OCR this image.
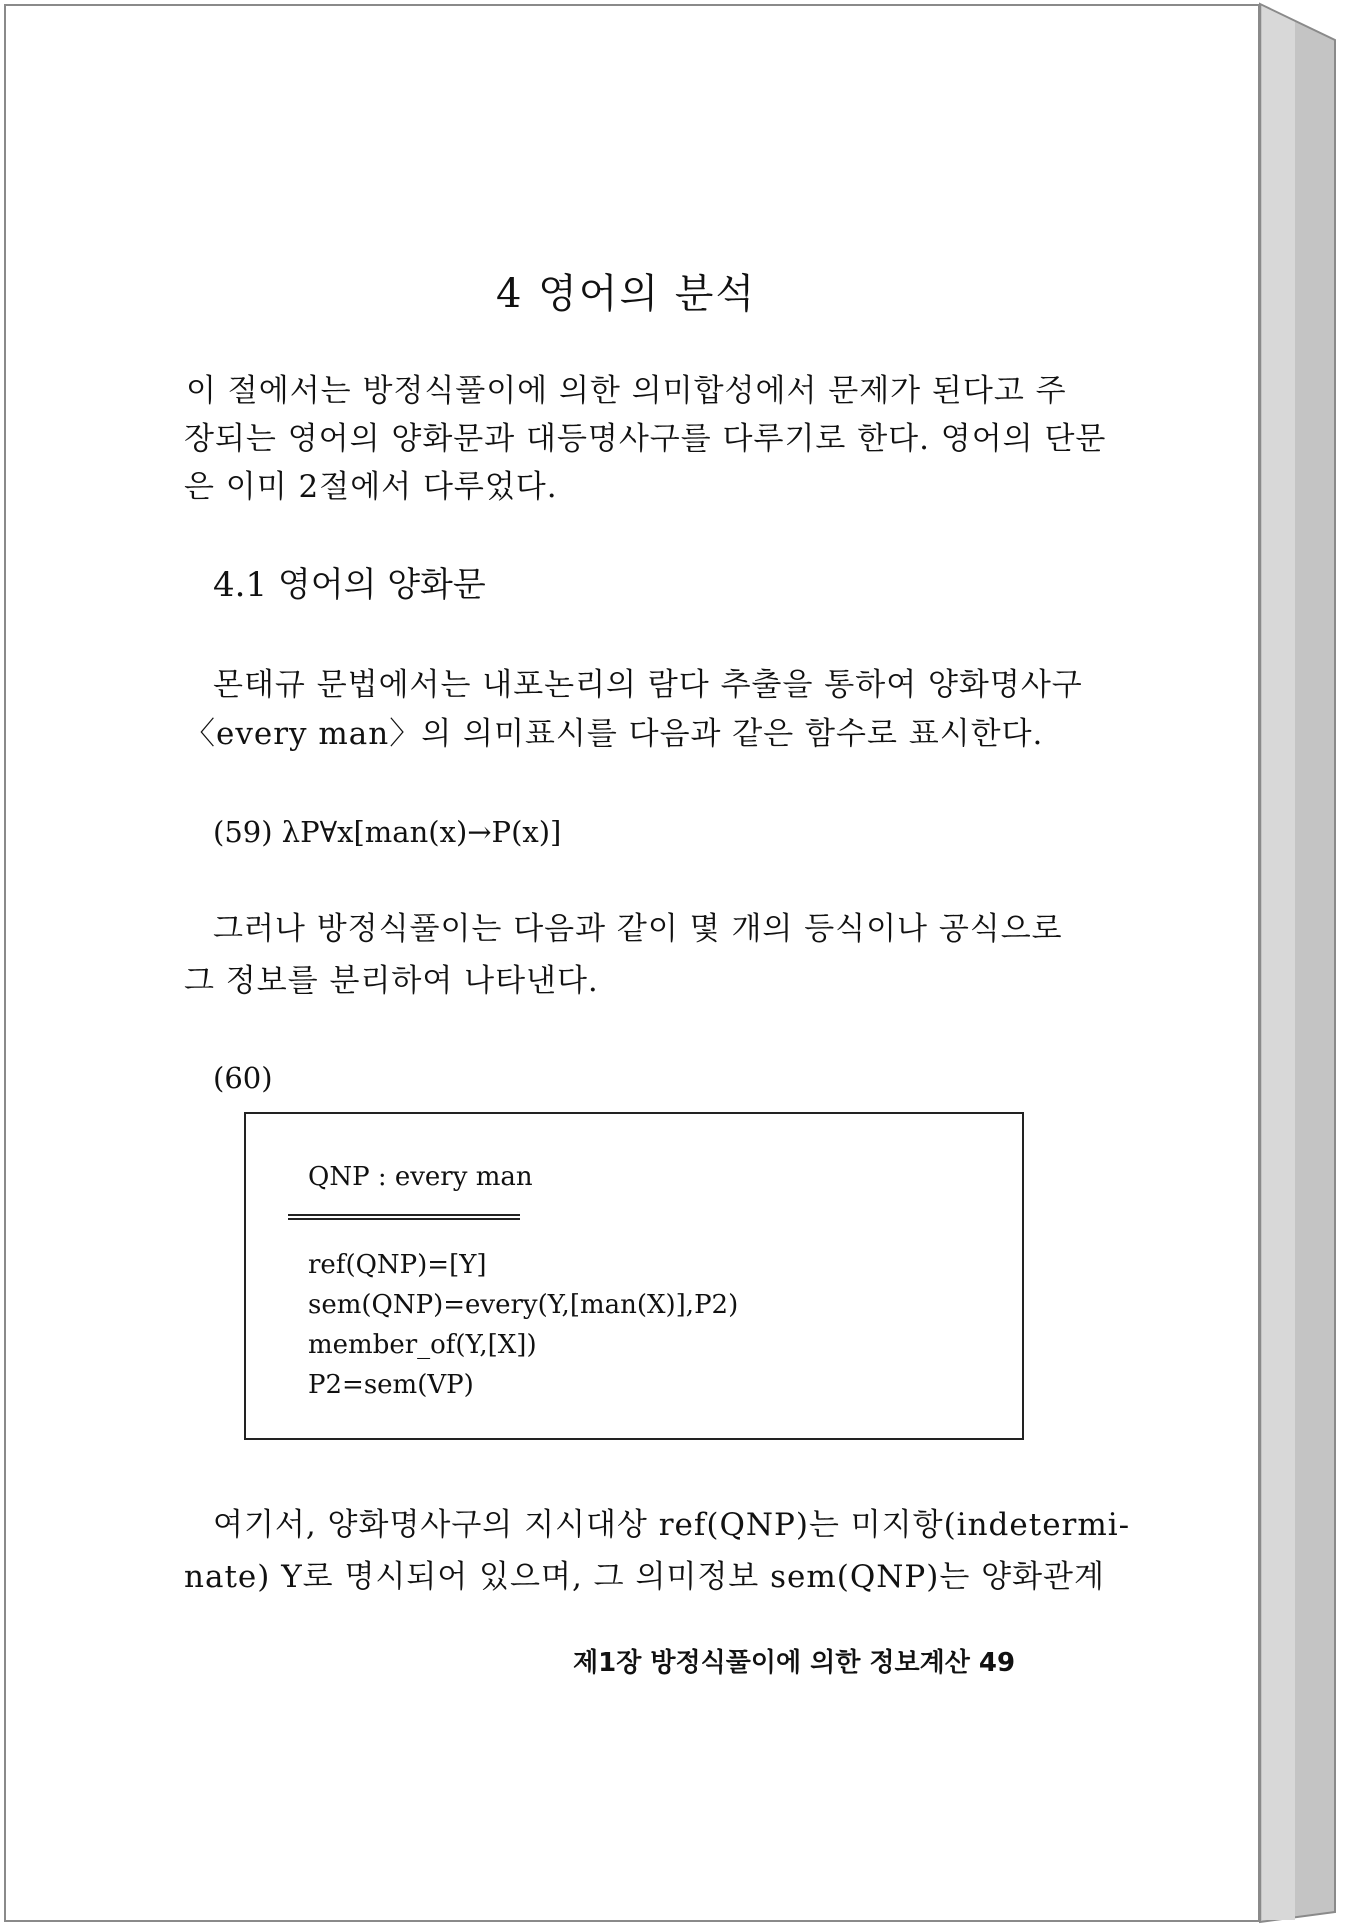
4 영어의 분석
이 절에서는 방정식풀이에 의한 의미합성에서 문제가 된다고 주
장되는 영어의 양화문과 대등명사구를 다루기로 한다. 영어의 단문
은 이미 2절에서 다루었다.
4.1 영어의 양화문
몬태규 문법에서는 내포논리의 람다 추출을 통하여 양화명사구
〈every man〉의 의미표시를 다음과 같은 함수로 표시한다.
(59) λP∀x[man(x)→P(x)]
그러나 방정식풀이는 다음과 같이 몇 개의 등식이나 공식으로
그 정보를 분리하여 나타낸다.
(60)
QNP : every man
ref(QNP)=[Y]
sem(QNP)=every(Y,[man(X)],P2)
member_of(Y,[X])
P2=sem(VP)
여기서, 양화명사구의 지시대상 ref(QNP)는 미지항(indetermi-
nate) Y로 명시되어 있으며, 그 의미정보 sem(QNP)는 양화관계
제1장 방정식풀이에 의한 정보계산 49
